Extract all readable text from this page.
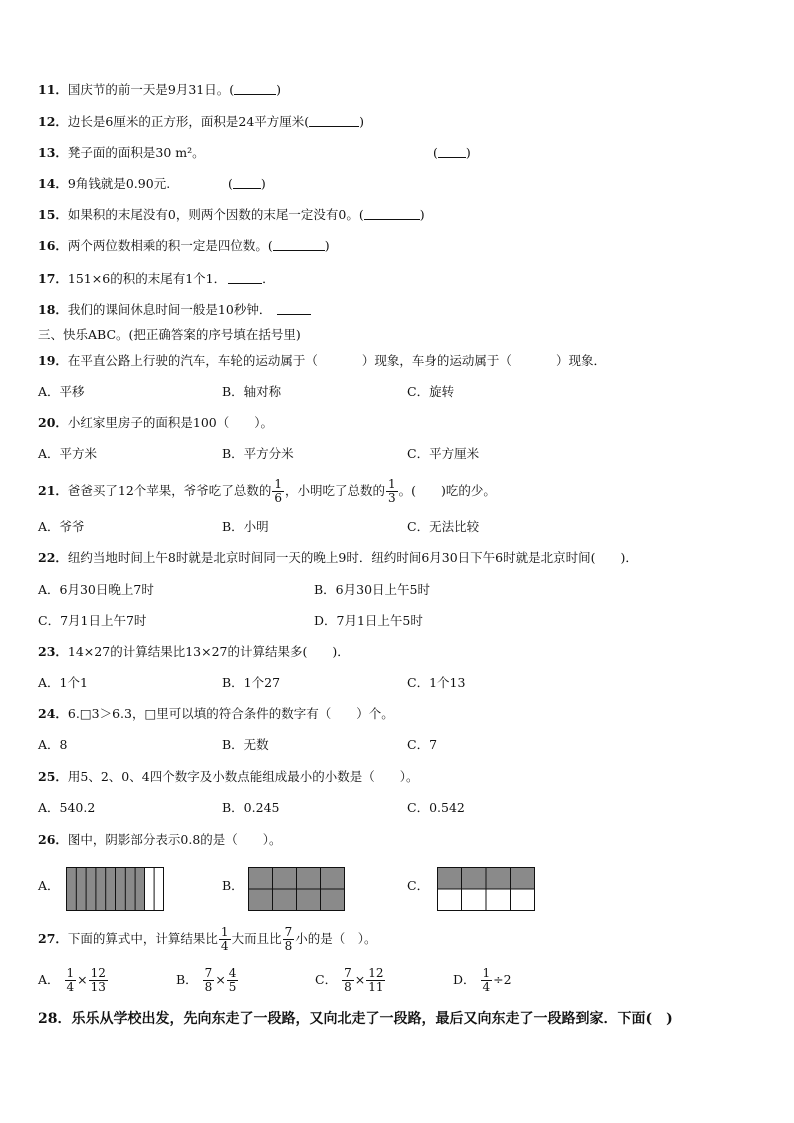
11．国庆节的前一天是9月31日。(	)
12．边长是6厘米的正方形，面积是24平方厘米(	)
13．凳子面的面积是30 m²。	( )
14．9角钱就是0.90元.	( )
15．如果积的末尾没有0，则两个因数的末尾一定没有0。(	)
16．两个两位数相乘的积一定是四位数。(	)
17．151×6的积的末尾有1个1．	．
18．我们的课间休息时间一般是10秒钟．
三、快乐ABC。(把正确答案的序号填在括号里)
19．在平直公路上行驶的汽车，车轮的运动属于（	）现象，车身的运动属于（	）现象．
A．平移	B．轴对称	C．旋转
20．小红家里房子的面积是100（　　）。
A．平方米	B．平方分米	C．平方厘米
21．爸爸买了12个苹果，爷爷吃了总数的 $\frac{1}{6}$ ，小明吃了总数的 $\frac{1}{3}$ 。(　　)吃的少。
A．爷爷	B．小明	C．无法比较
22．纽约当地时间上午8时就是北京时间同一天的晚上9时．纽约时间6月30日下午6时就是北京时间(　　)．
A．6月30日晚上7时	B．6月30日上午5时
C．7月1日上午7时	D．7月1日上午5时
23．14×27的计算结果比13×27的计算结果多(　　)．
A．1个1	B．1个27	C．1个13
24．6.□3＞6.3，□里可以填的符合条件的数字有（　　）个。
A．8	B．无数	C．7
25．用5、2、0、4四个数字及小数点能组成最小的小数是（　　）。
A．540.2	B．0.245	C．0.542
26．图中，阴影部分表示0.8的是（　　）。
A．	B．	C．
27．下面的算式中，计算结果比 $\frac{1}{4}$ 大而且比 $\frac{7}{8}$ 小的是（　）。
A． $\frac{1}{4} \times \frac{12}{13}$	B． $\frac{7}{8} \times \frac{4}{5}$	C． $\frac{7}{8} \times \frac{12}{11}$	D． $\frac{1}{4} \div 2$
28．乐乐从学校出发，先向东走了一段路，又向北走了一段路，最后又向东走了一段路到家．下面(　)
